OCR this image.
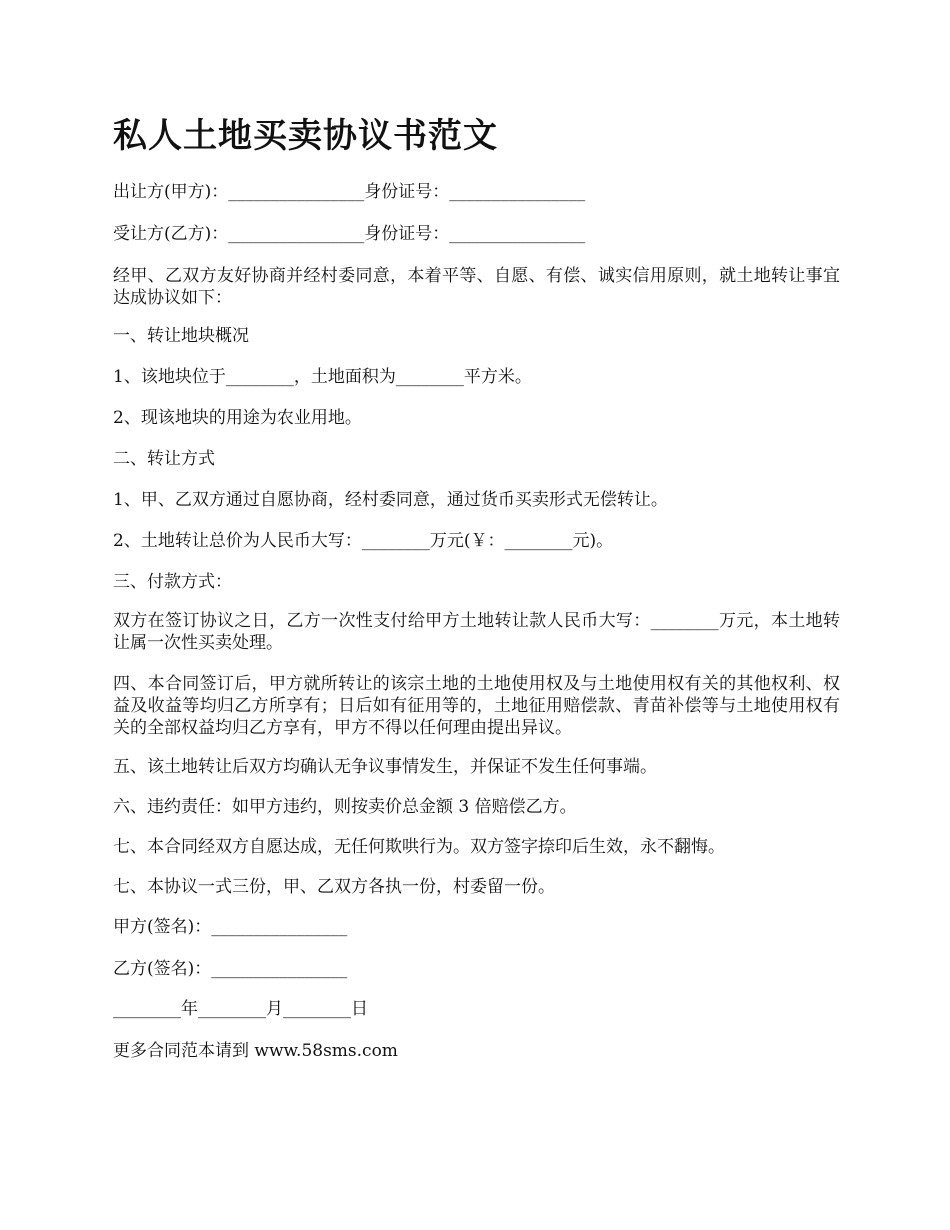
私人土地买卖协议书范文

出让方(甲方)：________________身份证号：________________

受让方(乙方)：________________身份证号：________________

经甲、乙双方友好协商并经村委同意，本着平等、自愿、有偿、诚实信用原则，就土地转让事宜达成协议如下：

一、转让地块概况

1、该地块位于________，土地面积为________平方米。

2、现该地块的用途为农业用地。

二、转让方式

1、甲、乙双方通过自愿协商，经村委同意，通过货币买卖形式无偿转让。

2、土地转让总价为人民币大写：________万元(￥：________元)。

三、付款方式：

双方在签订协议之日，乙方一次性支付给甲方土地转让款人民币大写：________万元，本土地转让属一次性买卖处理。

四、本合同签订后，甲方就所转让的该宗土地的土地使用权及与土地使用权有关的其他权利、权益及收益等均归乙方所享有；日后如有征用等的，土地征用赔偿款、青苗补偿等与土地使用权有关的全部权益均归乙方享有，甲方不得以任何理由提出异议。

五、该土地转让后双方均确认无争议事情发生，并保证不发生任何事端。

六、违约责任：如甲方违约，则按卖价总金额 3 倍赔偿乙方。

七、本合同经双方自愿达成，无任何欺哄行为。双方签字捺印后生效，永不翻悔。

七、本协议一式三份，甲、乙双方各执一份，村委留一份。

甲方(签名)：________________

乙方(签名)：________________

________年________月________日

更多合同范本请到 www.58sms.com
